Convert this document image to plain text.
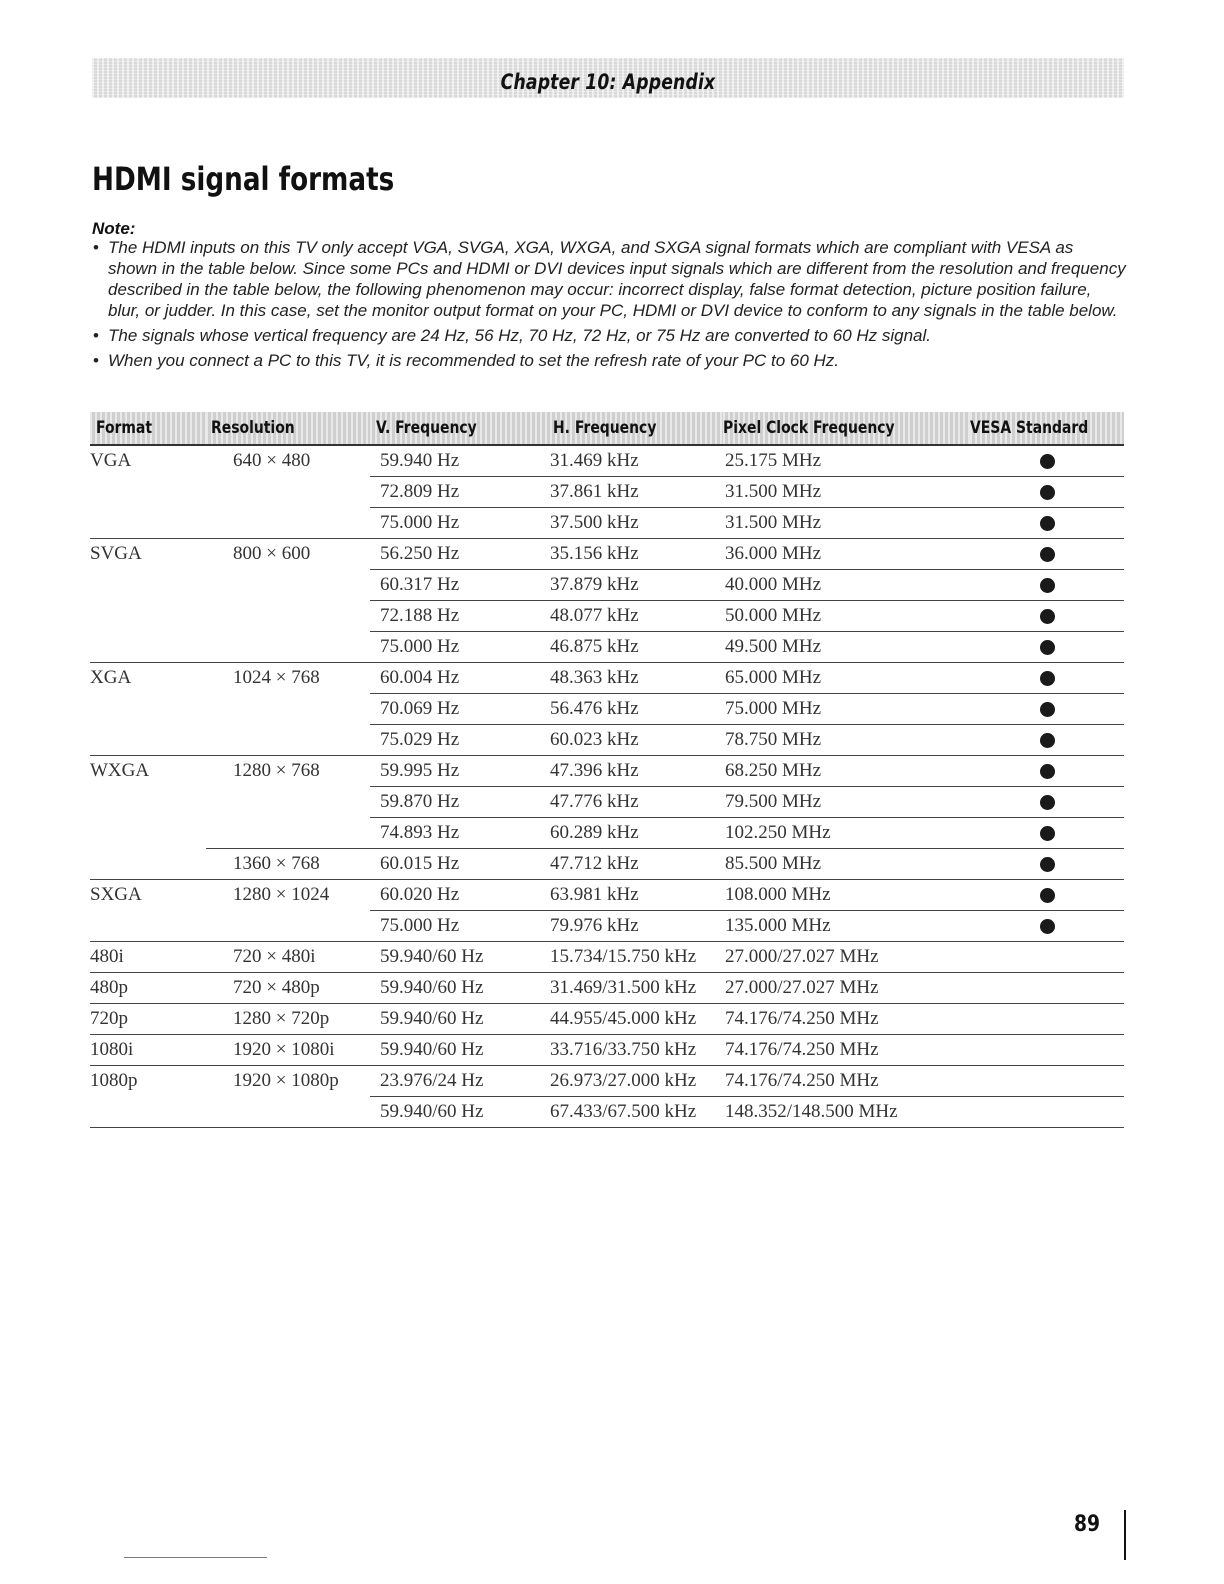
Chapter 10: Appendix
HDMI signal formats
Note:
• The HDMI inputs on this TV only accept VGA, SVGA, XGA, WXGA, and SXGA signal formats which are compliant with VESA as shown in the table below. Since some PCs and HDMI or DVI devices input signals which are different from the resolution and frequency described in the table below, the following phenomenon may occur: incorrect display, false format detection, picture position failure, blur, or judder. In this case, set the monitor output format on your PC, HDMI or DVI device to conform to any signals in the table below.
• The signals whose vertical frequency are 24 Hz, 56 Hz, 70 Hz, 72 Hz, or 75 Hz are converted to 60 Hz signal.
• When you connect a PC to this TV, it is recommended to set the refresh rate of your PC to 60 Hz.
Format	Resolution	V. Frequency	H. Frequency	Pixel Clock Frequency	VESA Standard
VGA	640 × 480	59.940 Hz	31.469 kHz	25.175 MHz	
		72.809 Hz	37.861 kHz	31.500 MHz	
		75.000 Hz	37.500 kHz	31.500 MHz	
SVGA	800 × 600	56.250 Hz	35.156 kHz	36.000 MHz	
		60.317 Hz	37.879 kHz	40.000 MHz	
		72.188 Hz	48.077 kHz	50.000 MHz	
		75.000 Hz	46.875 kHz	49.500 MHz	
XGA	1024 × 768	60.004 Hz	48.363 kHz	65.000 MHz	
		70.069 Hz	56.476 kHz	75.000 MHz	
		75.029 Hz	60.023 kHz	78.750 MHz	
WXGA	1280 × 768	59.995 Hz	47.396 kHz	68.250 MHz	
		59.870 Hz	47.776 kHz	79.500 MHz	
		74.893 Hz	60.289 kHz	102.250 MHz	
	1360 × 768	60.015 Hz	47.712 kHz	85.500 MHz	
SXGA	1280 × 1024	60.020 Hz	63.981 kHz	108.000 MHz	
		75.000 Hz	79.976 kHz	135.000 MHz	
480i	720 × 480i	59.940/60 Hz	15.734/15.750 kHz	27.000/27.027 MHz	
480p	720 × 480p	59.940/60 Hz	31.469/31.500 kHz	27.000/27.027 MHz	
720p	1280 × 720p	59.940/60 Hz	44.955/45.000 kHz	74.176/74.250 MHz	
1080i	1920 × 1080i	59.940/60 Hz	33.716/33.750 kHz	74.176/74.250 MHz	
1080p	1920 × 1080p	23.976/24 Hz	26.973/27.000 kHz	74.176/74.250 MHz	
		59.940/60 Hz	67.433/67.500 kHz	148.352/148.500 MHz	
89
